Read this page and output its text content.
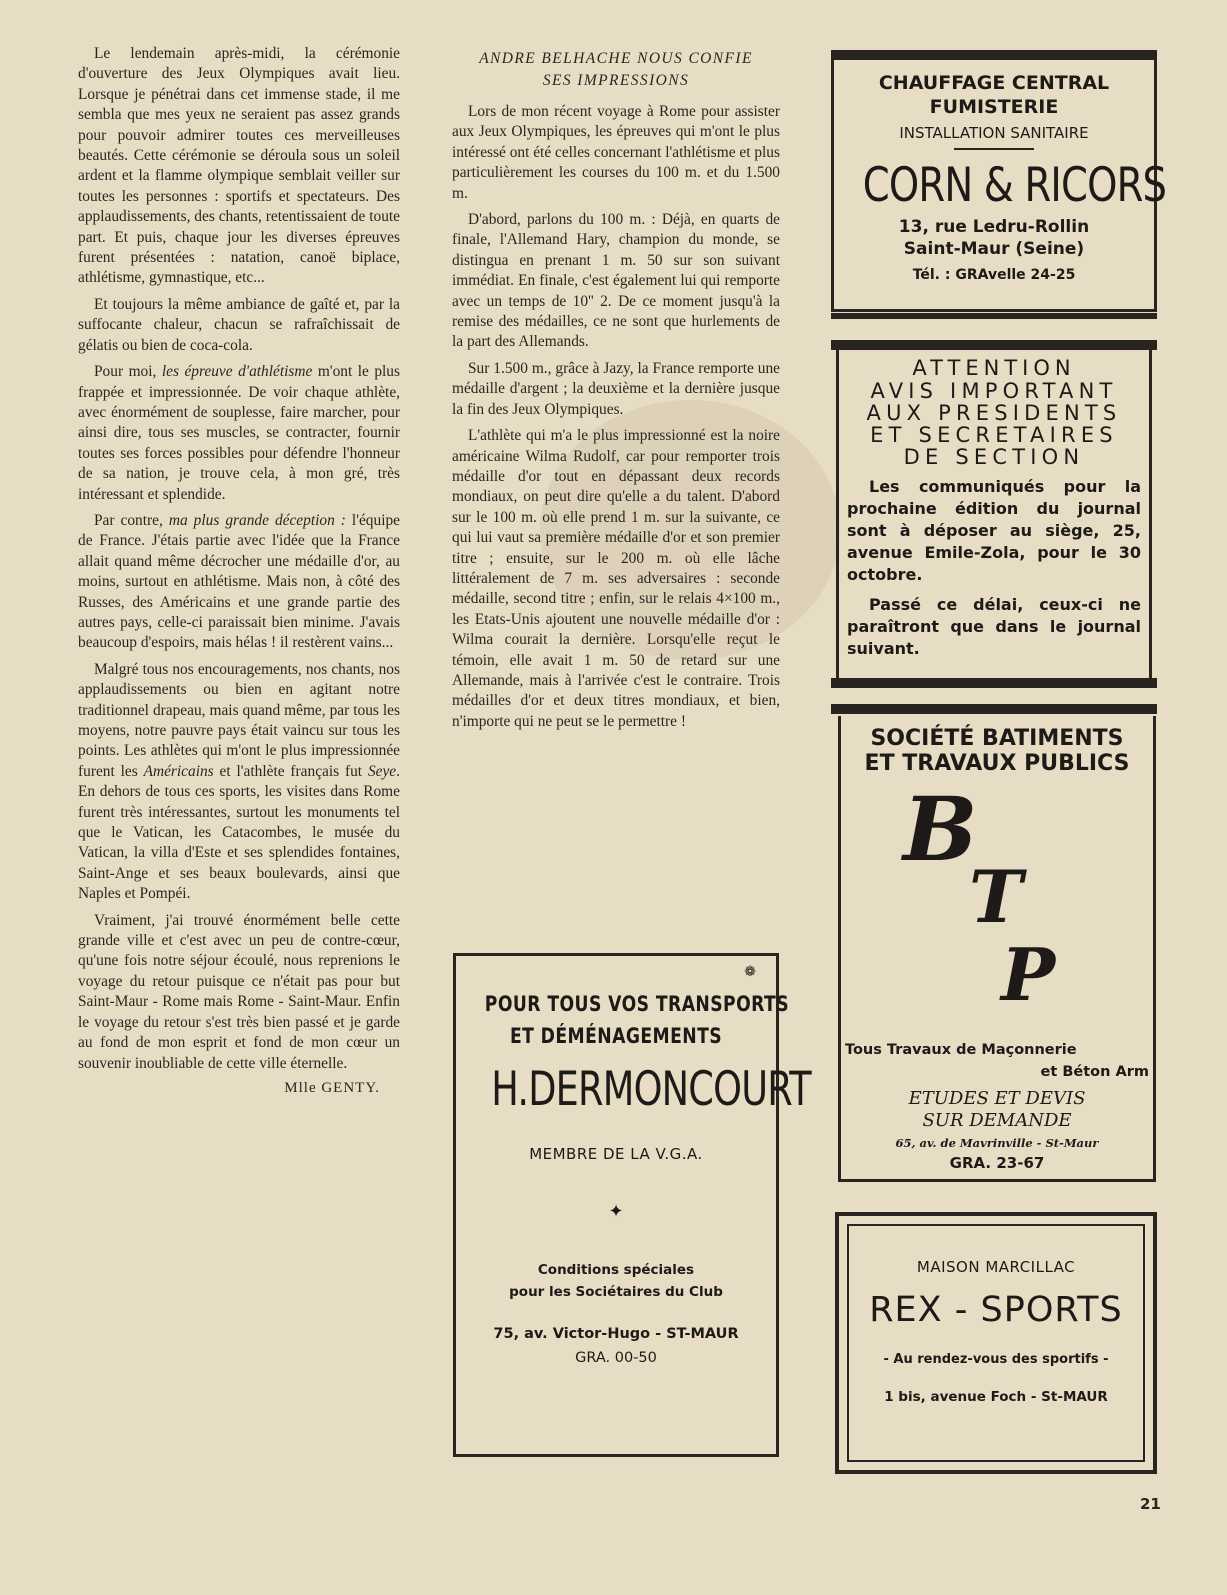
Le lendemain après-midi, la cérémonie d'ouverture des Jeux Olympiques avait lieu. Lorsque je pénétrai dans cet immense stade, il me sembla que mes yeux ne seraient pas assez grands pour pouvoir admirer toutes ces merveilleuses beautés. Cette cérémonie se déroula sous un soleil ardent et la flamme olympique semblait veiller sur toutes les personnes : sportifs et spectateurs. Des applaudissements, des chants, retentissaient de toute part. Et puis, chaque jour les diverses épreuves furent présentées : natation, canoë biplace, athlétisme, gymnastique, etc...

Et toujours la même ambiance de gaîté et, par la suffocante chaleur, chacun se rafraîchissait de gélatis ou bien de coca-cola.

Pour moi, les épreuve d'athlétisme m'ont le plus frappée et impressionnée. De voir chaque athlète, avec énormément de souplesse, faire marcher, pour ainsi dire, tous ses muscles, se contracter, fournir toutes ses forces possibles pour défendre l'honneur de sa nation, je trouve cela, à mon gré, très intéressant et splendide.

Par contre, ma plus grande déception : l'équipe de France. J'étais partie avec l'idée que la France allait quand même décrocher une médaille d'or, au moins, surtout en athlétisme. Mais non, à côté des Russes, des Américains et une grande partie des autres pays, celle-ci paraissait bien minime. J'avais beaucoup d'espoirs, mais hélas ! il restèrent vains...

Malgré tous nos encouragements, nos chants, nos applaudissements ou bien en agitant notre traditionnel drapeau, mais quand même, par tous les moyens, notre pauvre pays était vaincu sur tous les points. Les athlètes qui m'ont le plus impressionnée furent les Américains et l'athlète français fut Seye. En dehors de tous ces sports, les visites dans Rome furent très intéressantes, surtout les monuments tel que le Vatican, les Catacombes, le musée du Vatican, la villa d'Este et ses splendides fontaines, Saint-Ange et ses beaux boulevards, ainsi que Naples et Pompéi.

Vraiment, j'ai trouvé énormément belle cette grande ville et c'est avec un peu de contre-cœur, qu'une fois notre séjour écoulé, nous reprenions le voyage du retour puisque ce n'était pas pour but Saint-Maur - Rome mais Rome - Saint-Maur. Enfin le voyage du retour s'est très bien passé et je garde au fond de mon esprit et fond de mon cœur un souvenir inoubliable de cette ville éternelle.

Mlle GENTY.
ANDRE BELHACHE NOUS CONFIE
SES IMPRESSIONS

Lors de mon récent voyage à Rome pour assister aux Jeux Olympiques, les épreuves qui m'ont le plus intéressé ont été celles concernant l'athlétisme et plus particulièrement les courses du 100 m. et du 1.500 m.

D'abord, parlons du 100 m. : Déjà, en quarts de finale, l'Allemand Hary, champion du monde, se distingua en prenant 1 m. 50 sur son suivant immédiat. En finale, c'est également lui qui remporte avec un temps de 10'' 2. De ce moment jusqu'à la remise des médailles, ce ne sont que hurlements de la part des Allemands.

Sur 1.500 m., grâce à Jazy, la France remporte une médaille d'argent ; la deuxième et la dernière jusque la fin des Jeux Olympiques.

L'athlète qui m'a le plus impressionné est la noire américaine Wilma Rudolf, car pour remporter trois médaille d'or tout en dépassant deux records mondiaux, on peut dire qu'elle a du talent. D'abord sur le 100 m. où elle prend 1 m. sur la suivante, ce qui lui vaut sa première médaille d'or et son premier titre ; ensuite, sur le 200 m. où elle lâche littéralement de 7 m. ses adversaires : seconde médaille, second titre ; enfin, sur le relais 4×100 m., les Etats-Unis ajoutent une nouvelle médaille d'or : Wilma courait la dernière. Lorsqu'elle reçut le témoin, elle avait 1 m. 50 de retard sur une Allemande, mais à l'arrivée c'est le contraire. Trois médailles d'or et deux titres mondiaux, et bien, n'importe qui ne peut se le permettre !

❁
POUR TOUS VOS TRANSPORTS
ET DÉMÉNAGEMENTS
H.DERMONCOURT
MEMBRE DE LA V.G.A.
✦
Conditions spéciales
pour les Sociétaires du Club
75, av. Victor-Hugo - ST-MAUR
GRA. 00-50
CHAUFFAGE CENTRAL
FUMISTERIE
INSTALLATION SANITAIRE
CORN & RICORS
13, rue Ledru-Rollin
Saint-Maur (Seine)
Tél. : GRAvelle 24-25
ATTENTION
AVIS IMPORTANT
AUX PRESIDENTS
ET SECRETAIRES
DE SECTION
Les communiqués pour la prochaine édition du journal sont à déposer au siège, 25, avenue Emile-Zola, pour le 30 octobre.
Passé ce délai, ceux-ci ne paraîtront que dans le journal suivant.
SOCIÉTÉ BATIMENTS
ET TRAVAUX PUBLICS
B
T
P
Tous Travaux de Maçonnerie
et Béton Arm
ETUDES ET DEVIS
SUR DEMANDE
65, av. de Mavrinville - St-Maur
GRA. 23-67
MAISON MARCILLAC
REX - SPORTS
- Au rendez-vous des sportifs -
1 bis, avenue Foch - St-MAUR
21
